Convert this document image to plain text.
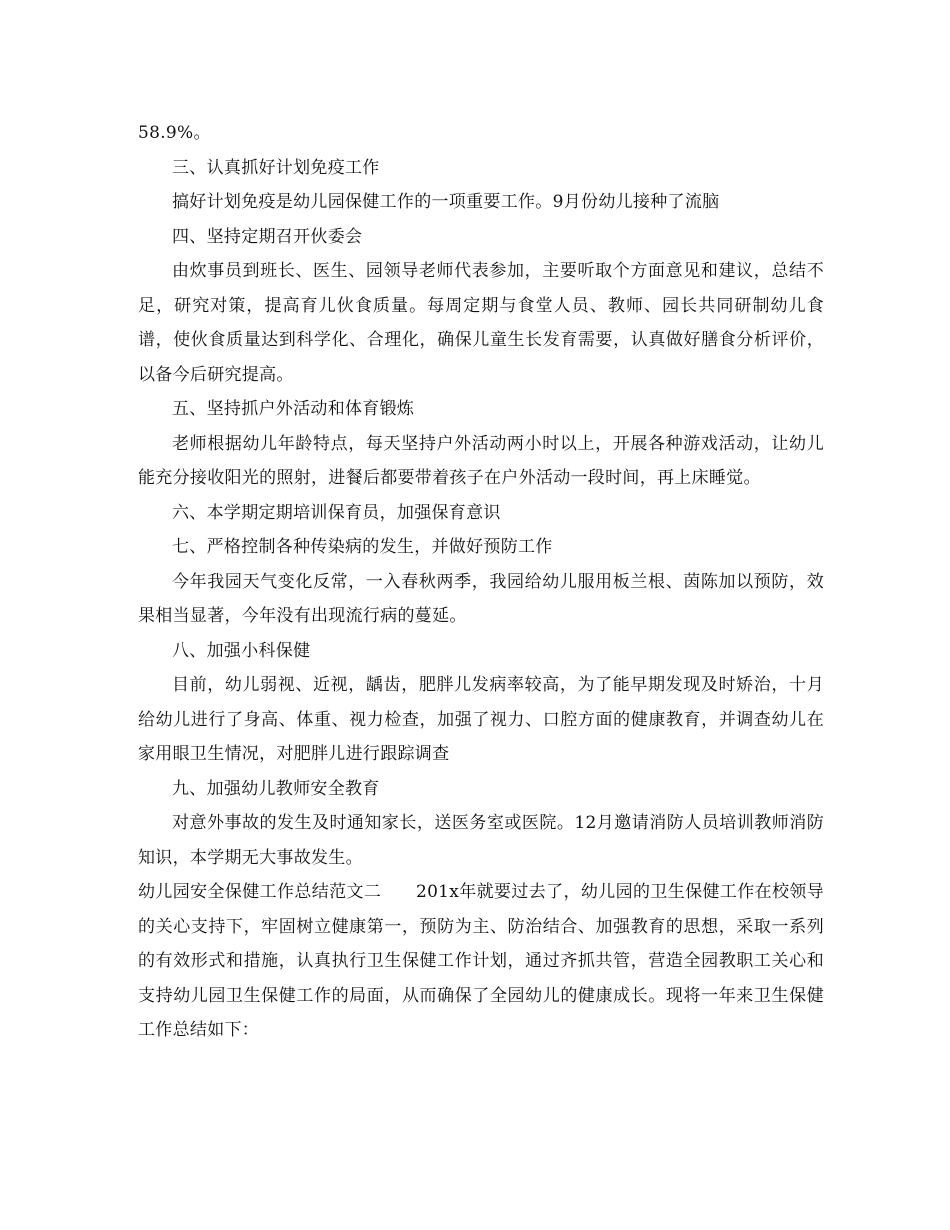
58.9%。

三、认真抓好计划免疫工作

搞好计划免疫是幼儿园保健工作的一项重要工作。9月份幼儿接种了流脑

四、坚持定期召开伙委会

由炊事员到班长、医生、园领导老师代表参加，主要听取个方面意见和建议，总结不足，研究对策，提高育儿伙食质量。每周定期与食堂人员、教师、园长共同研制幼儿食谱，使伙食质量达到科学化、合理化，确保儿童生长发育需要，认真做好膳食分析评价，以备今后研究提高。

五、坚持抓户外活动和体育锻炼

老师根据幼儿年龄特点，每天坚持户外活动两小时以上，开展各种游戏活动，让幼儿能充分接收阳光的照射，进餐后都要带着孩子在户外活动一段时间，再上床睡觉。

六、本学期定期培训保育员，加强保育意识

七、严格控制各种传染病的发生，并做好预防工作

今年我园天气变化反常，一入春秋两季，我园给幼儿服用板兰根、茵陈加以预防，效果相当显著，今年没有出现流行病的蔓延。

八、加强小科保健

目前，幼儿弱视、近视，龋齿，肥胖儿发病率较高，为了能早期发现及时矫治，十月给幼儿进行了身高、体重、视力检查，加强了视力、口腔方面的健康教育，并调查幼儿在家用眼卫生情况，对肥胖儿进行跟踪调查

九、加强幼儿教师安全教育

对意外事故的发生及时通知家长，送医务室或医院。12月邀请消防人员培训教师消防知识，本学期无大事故发生。

幼儿园安全保健工作总结范文二　　201x年就要过去了，幼儿园的卫生保健工作在校领导的关心支持下，牢固树立健康第一，预防为主、防治结合、加强教育的思想，采取一系列的有效形式和措施，认真执行卫生保健工作计划，通过齐抓共管，营造全园教职工关心和支持幼儿园卫生保健工作的局面，从而确保了全园幼儿的健康成长。现将一年来卫生保健工作总结如下：
